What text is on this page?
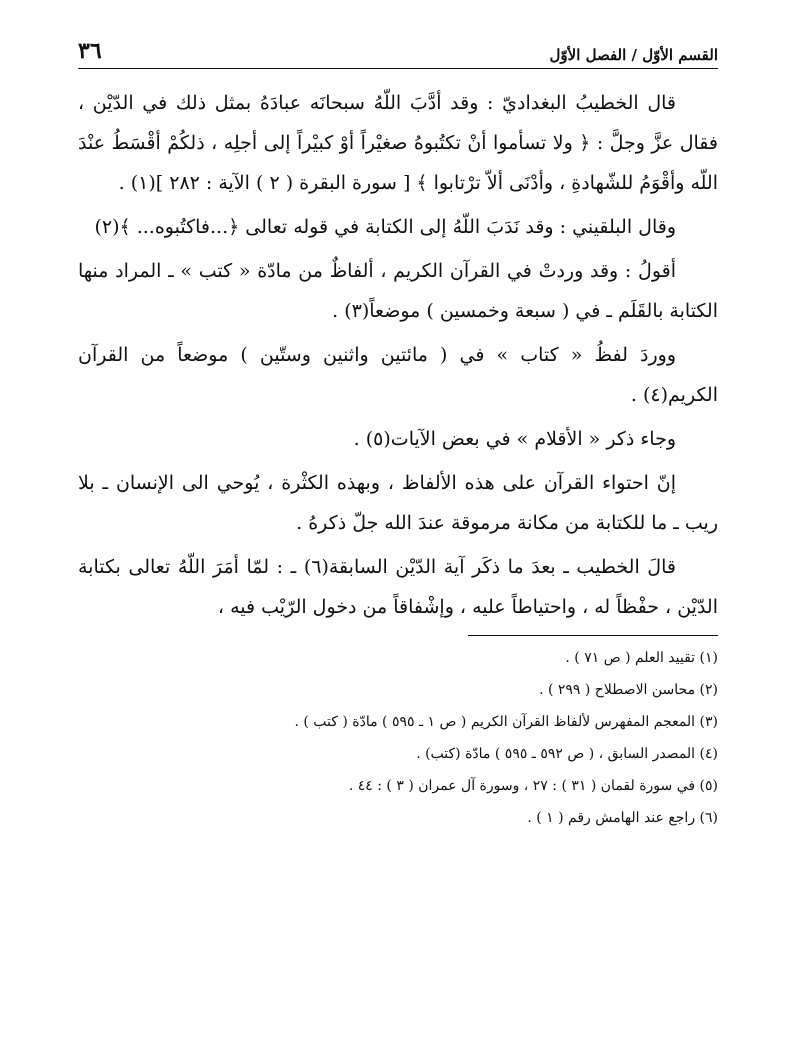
القسم الأوّل / الفصل الأوّل
٣٦

قال الخطيبُ البغداديّ : وقد أدَّبَ اللّهُ سبحانَه عبادَهُ بمثل ذلك في الدّيْن ، فقال عزَّ وجلَّ : ﴿ ولا تسأموا أنْ تكتُبوهُ صغيْراً أوْ كبيْراً إلى أجلِه ، ذلكُمْ أقْسَطُ عنْدَ اللّه وأقْوَمُ للشّهادةِ ، وأدْنَى ألاّ ترْتابوا ﴾ [ سورة البقرة ( ٢ ) الآية : ٢٨٢ ](١) .

وقال البلقيني : وقد نَدَبَ اللّهُ إلى الكتابة في قوله تعالى ﴿...فاكتُبوه... ﴾(٢)

أقولُ : وقد وردتْ في القرآن الكريم ، ألفاظٌ من مادّة « كتب » ـ المراد منها الكتابة بالقَلَم ـ في ( سبعة وخمسين ) موضعاً(٣) .

ووردَ لفظُ « كتاب » في ( مائتين واثنين وستّين ) موضعاً من القرآن الكريم(٤) .

وجاء ذكر « الأقلام » في بعض الآيات(٥) .

إنّ احتواء القرآن على هذه الألفاظ ، وبهذه الكثْرة ، يُوحي الى الإنسان ـ بلا ريب ـ ما للكتابة من مكانة مرموقة عندَ الله جلّ ذكرهُ .

قالَ الخطيب ـ بعدَ ما ذكَر آية الدّيْن السابقة(٦) ـ : لمّا أمَرَ اللّهُ تعالى بكتابة الدّيْن ، حفْظاً له ، واحتياطاً عليه ، وإشْفاقاً من دخول الرّيْب فيه ،

(١) تقييد العلم ( ص ٧١ ) .
(٢) محاسن الاصطلاح ( ٢٩٩ ) .
(٣) المعجم المفهرس لألفاظ القرآن الكريم ( ص ١ ـ ٥٩٥ ) مادّة ( كتب ) .
(٤) المصدر السابق ، ( ص ٥٩٢ ـ ٥٩٥ ) مادّة (كتب) .
(٥) في سورة لقمان ( ٣١ ) : ٢٧ ، وسورة آل عمران ( ٣ ) : ٤٤ .
(٦) راجع عند الهامش رقم ( ١ ) .
